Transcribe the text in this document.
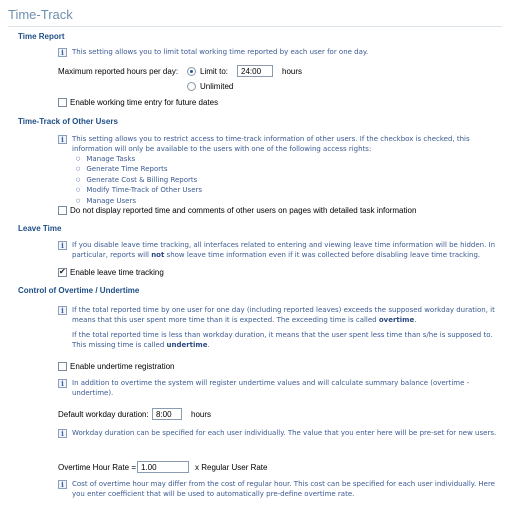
Time-Track
Time Report
i	This setting allows you to limit total working time reported by each user for one day.
Maximum reported hours per day:	Limit to:
24:00	hours
Unlimited
Enable working time entry for future dates
Time-Track of Other Users
i	This setting allows you to restrict access to time-track information of other users. If the checkbox is checked, this information will only be available to the users with one of the following access rights:
○ Manage Tasks
○ Generate Time Reports
○ Generate Cost & Billing Reports
○ Modify Time-Track of Other Users
○ Manage Users
Do not display reported time and comments of other users on pages with detailed task information
Leave Time
i	If you disable leave time tracking, all interfaces related to entering and viewing leave time information will be hidden. In particular, reports will not show leave time information even if it was collected before disabling leave time tracking.
✔
Enable leave time tracking
Control of Overtime / Undertime
i	If the total reported time by one user for one day (including reported leaves) exceeds the supposed workday duration, it means that this user spent more time than it is expected. The exceeding time is called overtime.
If the total reported time is less than workday duration, it means that the user spent less time than s/he is supposed to. This missing time is called undertime.
Enable undertime registration
i	In addition to overtime the system will register undertime values and will calculate summary balance (overtime - undertime).
Default workday duration:
8:00	hours
i	Workday duration can be specified for each user individually. The value that you enter here will be pre-set for new users.
Overtime Hour Rate =
1.00	x Regular User Rate
i	Cost of overtime hour may differ from the cost of regular hour. This cost can be specified for each user individually. Here you enter coefficient that will be used to automatically pre-define overtime rate.
